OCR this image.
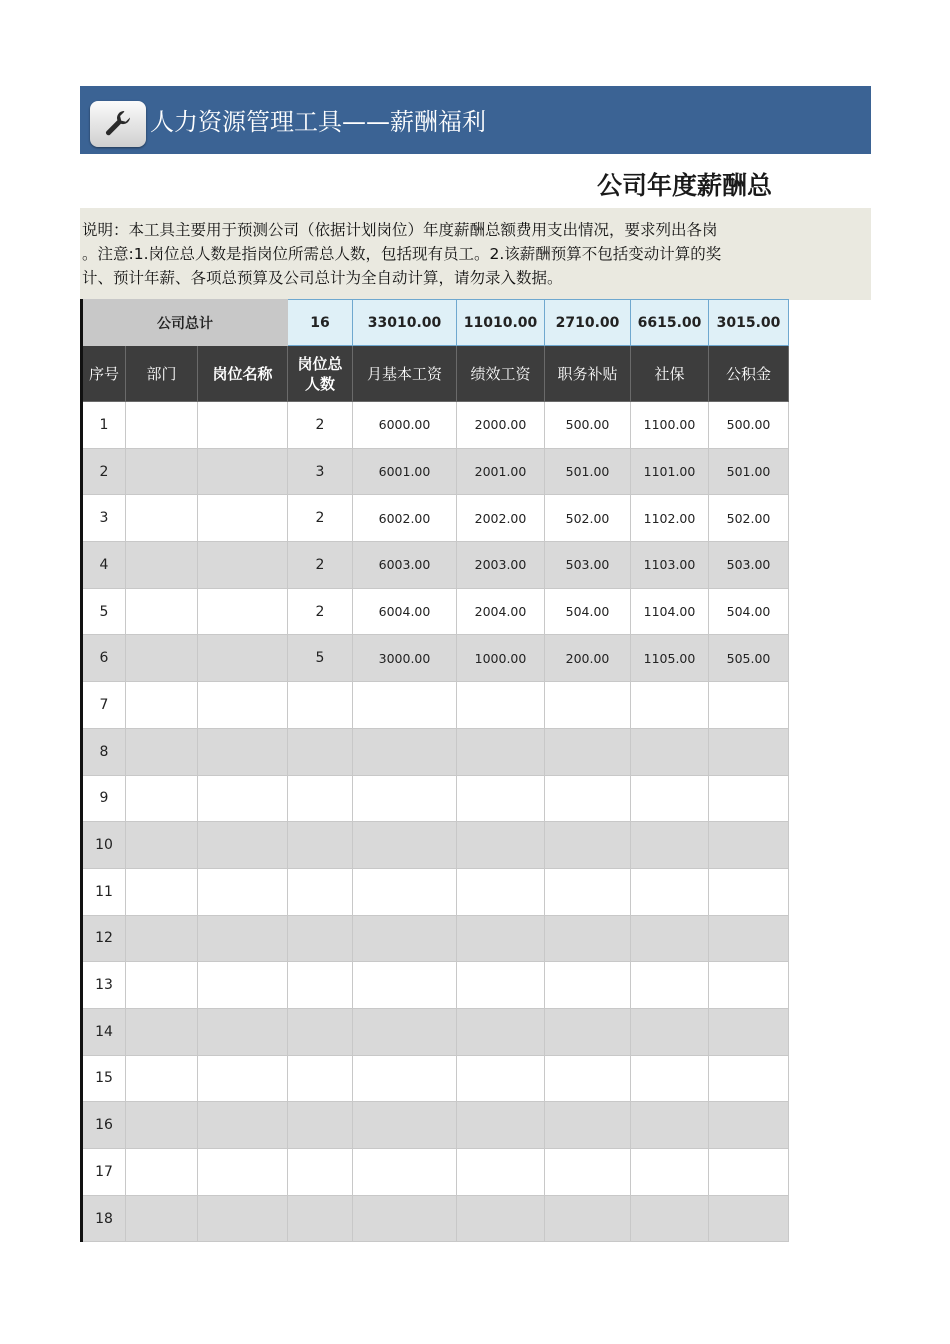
人力资源管理工具——薪酬福利
公司年度薪酬总
说明：本工具主要用于预测公司（依据计划岗位）年度薪酬总额费用支出情况，要求列出各岗
。注意:1.岗位总人数是指岗位所需总人数，包括现有员工。2.该薪酬预算不包括变动计算的奖
计、预计年薪、各项总预算及公司总计为全自动计算，请勿录入数据。
公司总计			16	33010.00	11010.00	2710.00	6615.00	3015.00
序号	部门	岗位名称	岗位总人数	月基本工资	绩效工资	职务补贴	社保	公积金
1			2	6000.00	2000.00	500.00	1100.00	500.00
2			3	6001.00	2001.00	501.00	1101.00	501.00
3			2	6002.00	2002.00	502.00	1102.00	502.00
4			2	6003.00	2003.00	503.00	1103.00	503.00
5			2	6004.00	2004.00	504.00	1104.00	504.00
6			5	3000.00	1000.00	200.00	1105.00	505.00
7								
8								
9								
10								
11								
12								
13								
14								
15								
16								
17								
18								
